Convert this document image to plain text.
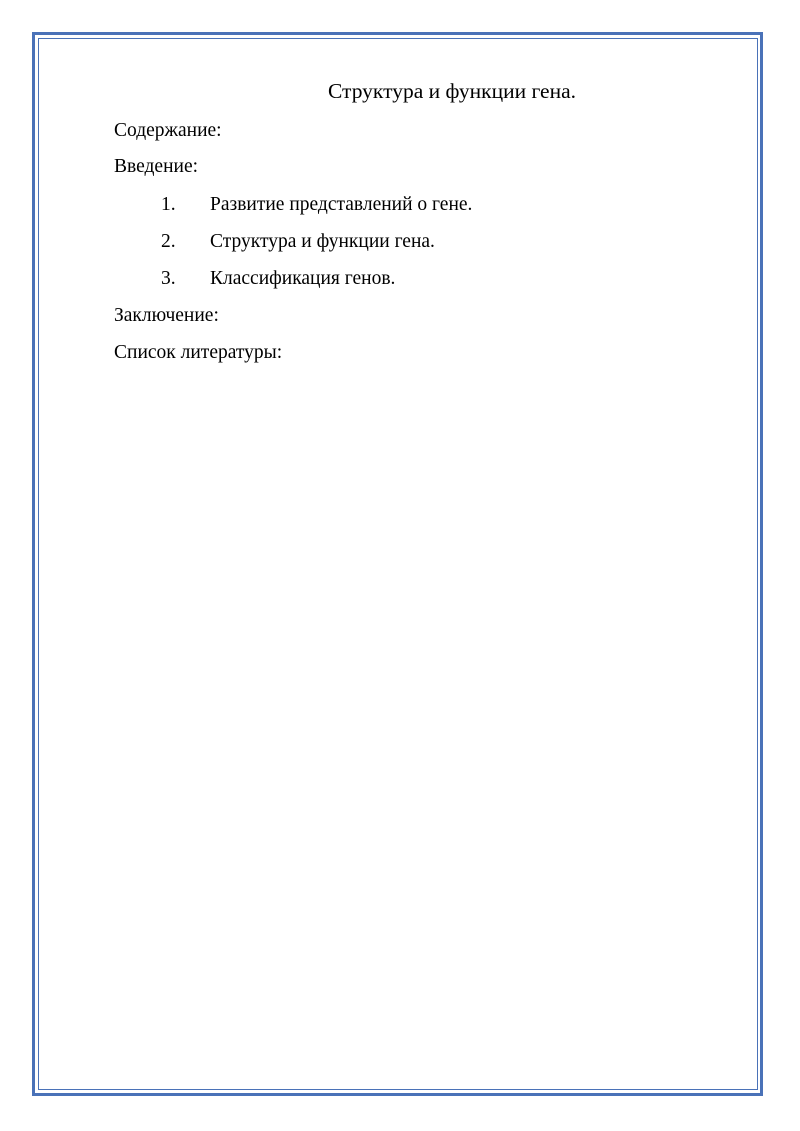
Структура и функции гена.
Содержание:
Введение:
1. Развитие представлений о гене.
2. Структура и функции гена.
3. Классификация генов.
Заключение:
Список литературы:
